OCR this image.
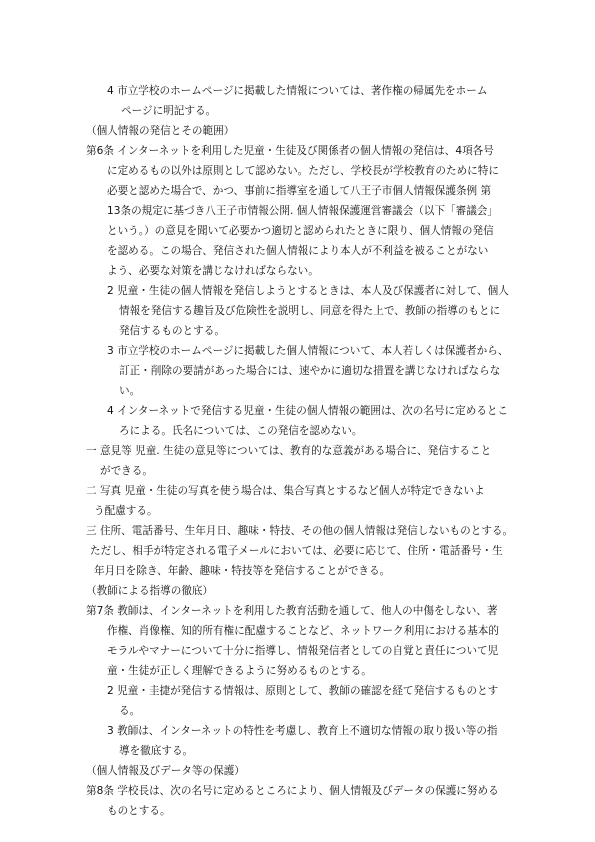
4 市立学校のホームページに掲載した情報については、著作権の帰属先をホーム
ページに明記する。
（個人情報の発信とその範囲）
第6条 インターネットを利用した児童・生徒及び関係者の個人情報の発信は、4項各号
に定めるもの以外は原則として認めない。ただし、学校長が学校教育のために特に
必要と認めた場合で、かつ、事前に指導室を通して八王子市個人情報保護条例 第
13条の規定に基づき八王子市情報公開. 個人情報保護運営審議会（以下「審議会」
という。）の意見を聞いて必要かつ適切と認められたときに限り、個人情報の発信
を認める。この場合、発信された個人情報により本人が不利益を被ることがない
よう、必要な対策を講じなければならない。
2 児童・生徒の個人情報を発信しようとするときは、本人及び保護者に対して、個人
情報を発信する趣旨及び危険性を説明し、同意を得た上で、教師の指導のもとに
発信するものとする。
3 市立学校のホームページに掲載した個人情報について、本人若しくは保護者から、
訂正・削除の要請があった場合には、速やかに適切な措置を講じなければならな
い。
4 インターネットで発信する児童・生徒の個人情報の範囲は、次の名号に定めるとこ
ろによる。氏名については、この発信を認めない。
一 意見等 児童. 生徒の意見等については、教育的な意義がある場合に、発信すること
ができる。
二 写真 児童・生徒の写真を使う場合は、集合写真とするなど個人が特定できないよ
う配慮する。
三 住所、電話番号、生年月日、趣味・特技、その他の個人情報は発信しないものとする。
ただし、相手が特定される電子メールにおいては、必要に応じて、住所・電話番号・生
年月日を除き、年齢、趣味・特技等を発信することができる。
（教師による指導の徹底）
第7条 教師は、インターネットを利用した教育活動を通して、他人の中傷をしない、著
作権、肖像権、知的所有権に配慮することなど、ネットワーク利用における基本的
モラルやマナーについて十分に指導し、情報発信者としての自覚と責任について児
童・生徒が正しく理解できるように努めるものとする。
2 児童・圭捷が発信する情報は、原則として、教師の確認を経て発信するものとす
る。
3 教師は、インターネットの特性を考慮し、教育上不適切な情報の取り扱い等の指
導を徹底する。
（個人情報及びデータ等の保護）
第8条 学校長は、次の名号に定めるところにより、個人情報及びデータの保護に努める
ものとする。
